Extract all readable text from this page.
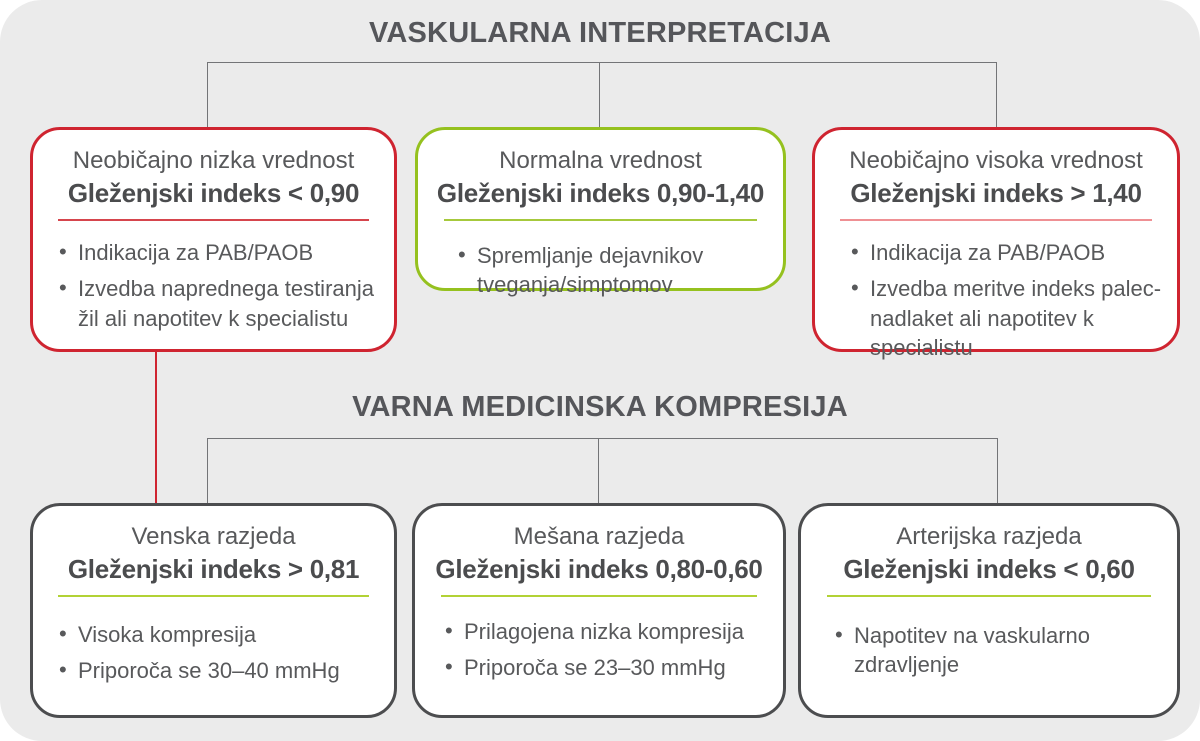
VASKULARNA INTERPRETACIJA
VARNA MEDICINSKA KOMPRESIJA
Neobičajno nizka vrednost
Gleženjski indeks < 0,90
• Indikacija za PAB/PAOB
• Izvedba naprednega testiranja žil ali napotitev k specialistu
Normalna vrednost
Gleženjski indeks 0,90-1,40
• Spremljanje dejavnikov tveganja/simptomov
Neobičajno visoka vrednost
Gleženjski indeks > 1,40
• Indikacija za PAB/PAOB
• Izvedba meritve indeks palec-nadlaket ali napotitev k specialistu
Venska razjeda
Gleženjski indeks > 0,81
• Visoka kompresija
• Priporoča se 30–40 mmHg
Mešana razjeda
Gleženjski indeks 0,80-0,60
• Prilagojena nizka kompresija
• Priporoča se 23–30 mmHg
Arterijska razjeda
Gleženjski indeks < 0,60
• Napotitev na vaskularno zdravljenje
